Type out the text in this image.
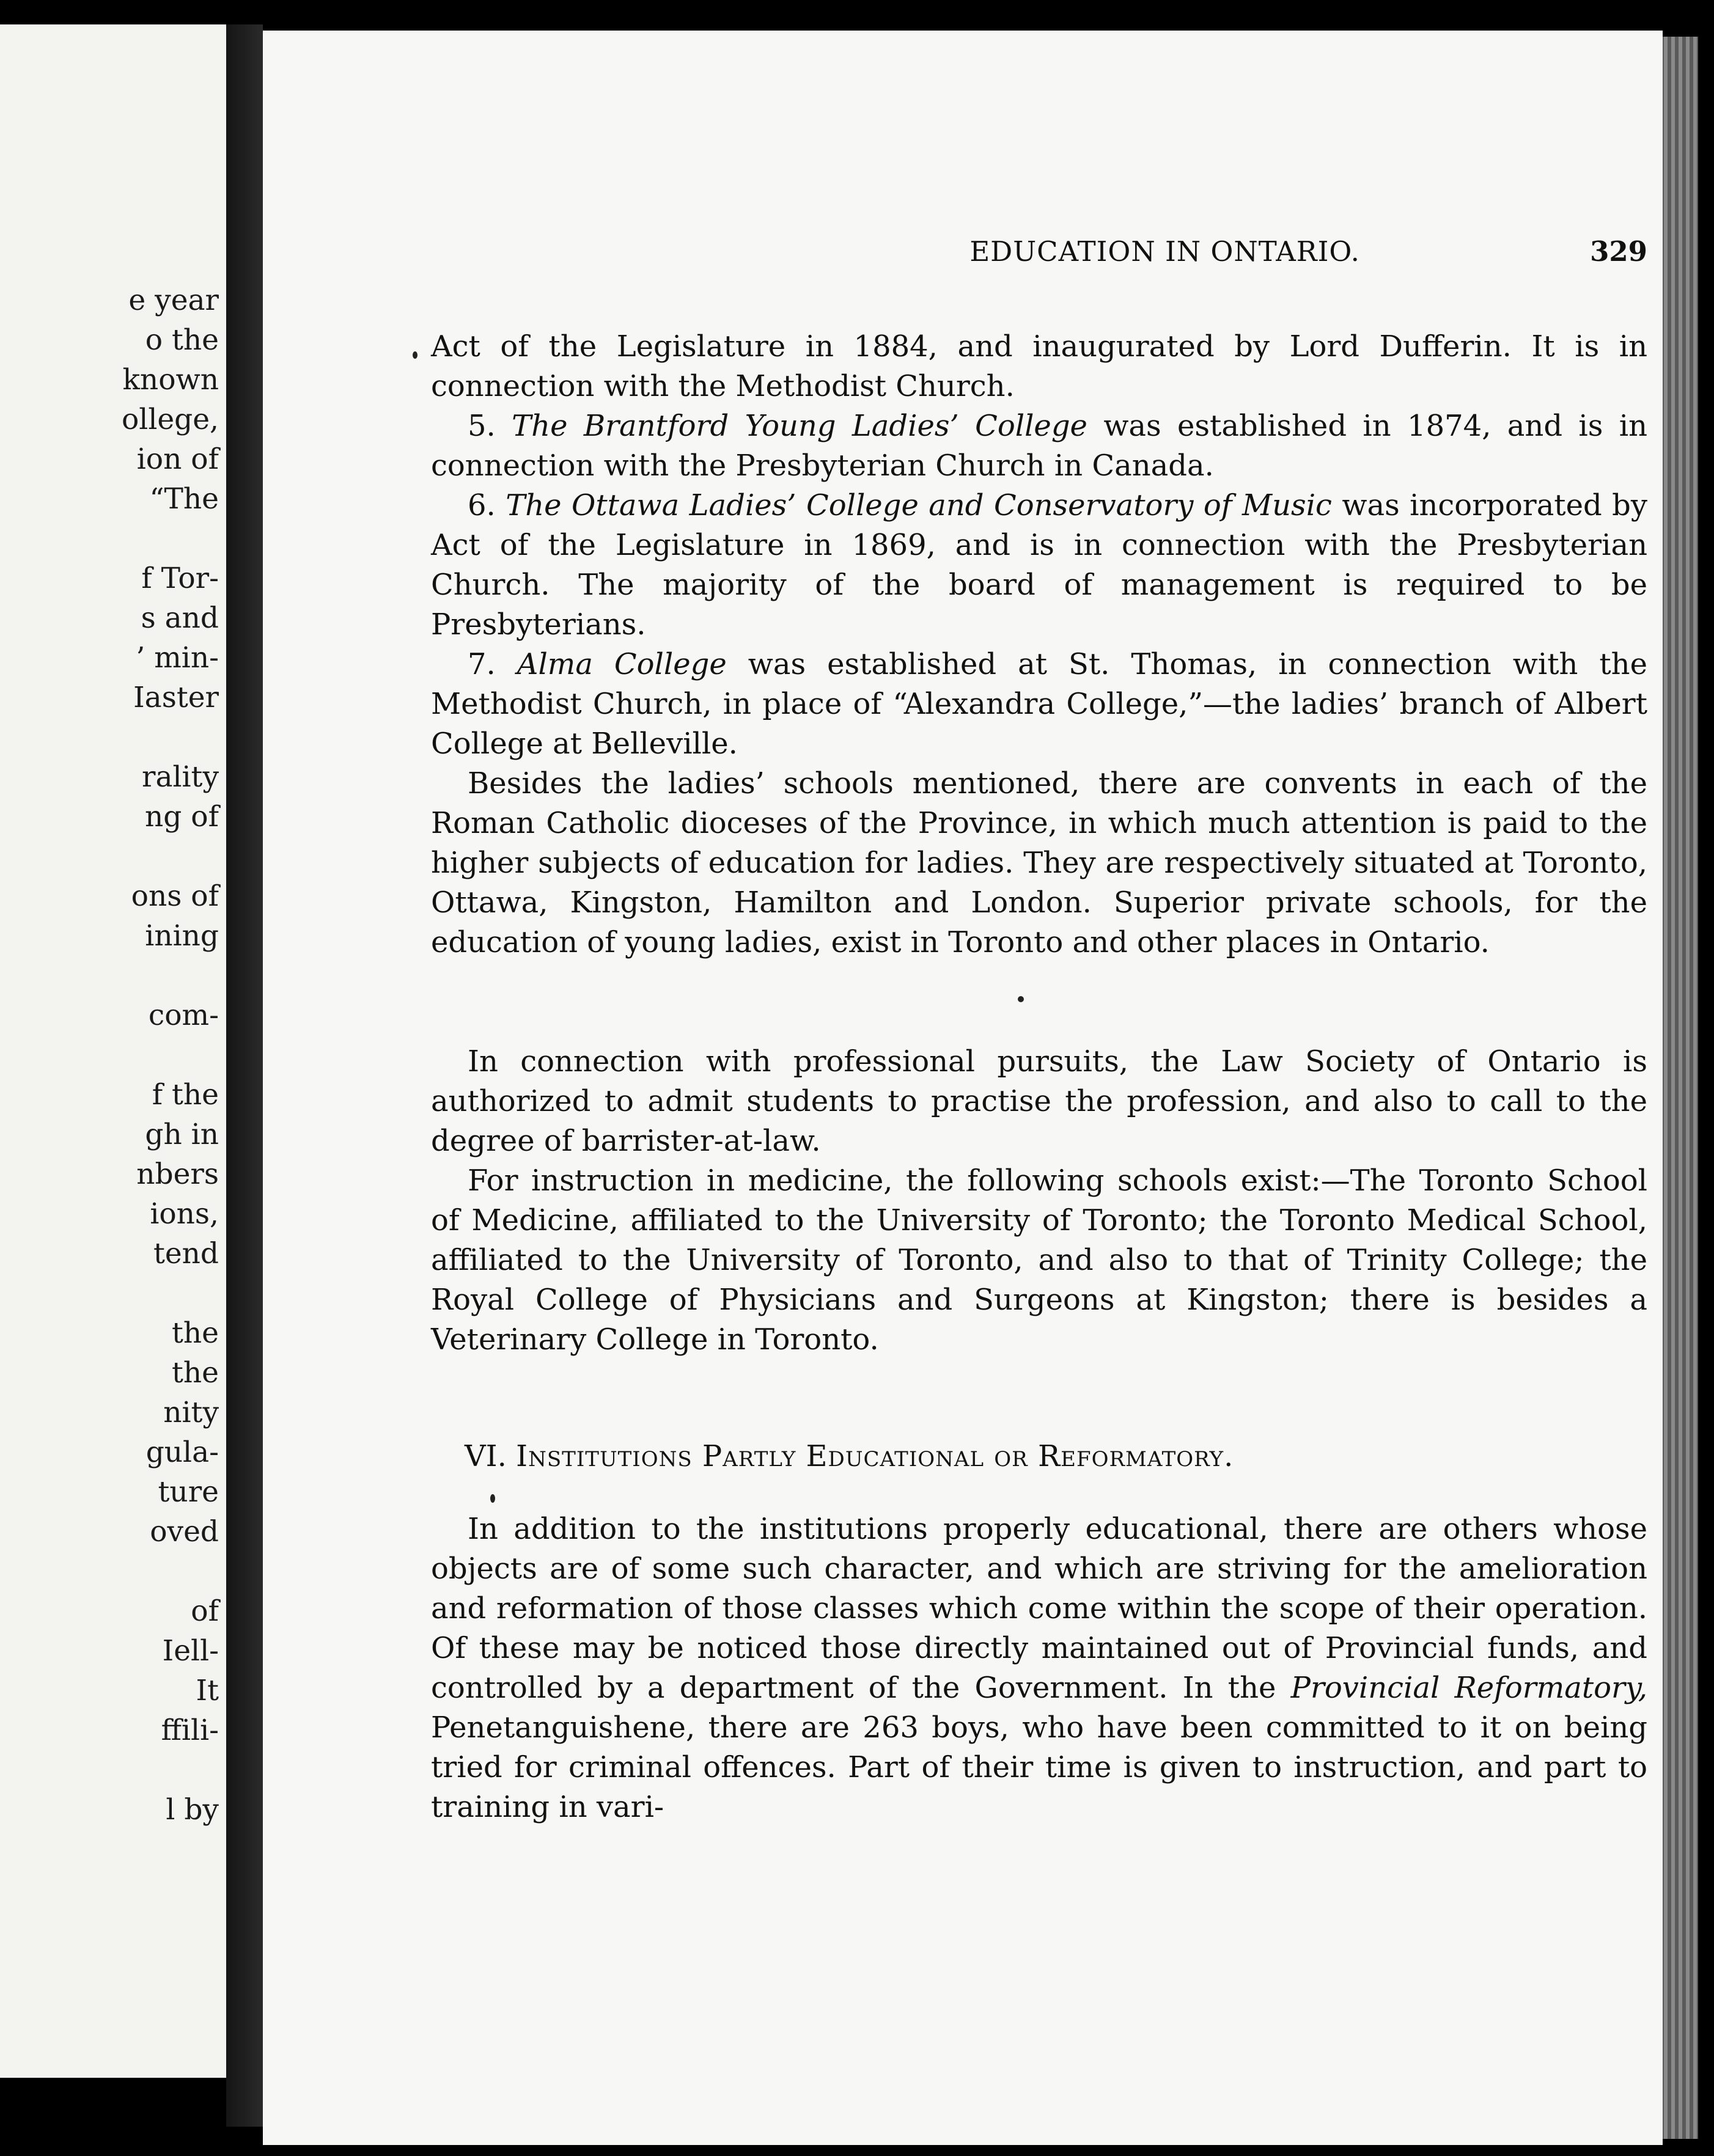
e year
o the
known
ollege,
ion of
“The
f Tor-
s and
’ min-
Iaster
rality
ng of
ons of
ining
com-
f the
gh in
nbers
ions,
tend
the
the
nity
gula-
ture
oved
of
Iell-
It
ffili-
l by
EDUCATION IN ONTARIO.	329

Act of the Legislature in 1884, and inaugurated by Lord Dufferin. It is in connection with the Methodist Church.

5. The Brantford Young Ladies’ College was established in 1874, and is in connection with the Presbyterian Church in Canada.

6. The Ottawa Ladies’ College and Conservatory of Music was incorporated by Act of the Legislature in 1869, and is in connection with the Presbyterian Church. The majority of the board of management is required to be Presbyterians.

7. Alma College was established at St. Thomas, in connection with the Methodist Church, in place of “Alexandra College,”—the ladies’ branch of Albert College at Belleville.

Besides the ladies’ schools mentioned, there are convents in each of the Roman Catholic dioceses of the Province, in which much attention is paid to the higher subjects of education for ladies. They are respectively situated at Toronto, Ottawa, Kingston, Hamilton and London. Superior private schools, for the education of young ladies, exist in Toronto and other places in Ontario.

In connection with professional pursuits, the Law Society of Ontario is authorized to admit students to practise the profession, and also to call to the degree of barrister-at-law.

For instruction in medicine, the following schools exist:—The Toronto School of Medicine, affiliated to the University of Toronto; the Toronto Medical School, affiliated to the University of Toronto, and also to that of Trinity College; the Royal College of Physicians and Surgeons at Kingston; there is besides a Veterinary College in Toronto.

VI. Institutions Partly Educational or Reformatory.

In addition to the institutions properly educational, there are others whose objects are of some such character, and which are striving for the amelioration and reformation of those classes which come within the scope of their operation. Of these may be noticed those directly maintained out of Provincial funds, and controlled by a department of the Government. In the Provincial Reformatory, Penetanguishene, there are 263 boys, who have been committed to it on being tried for criminal offences. Part of their time is given to instruction, and part to training in vari-
